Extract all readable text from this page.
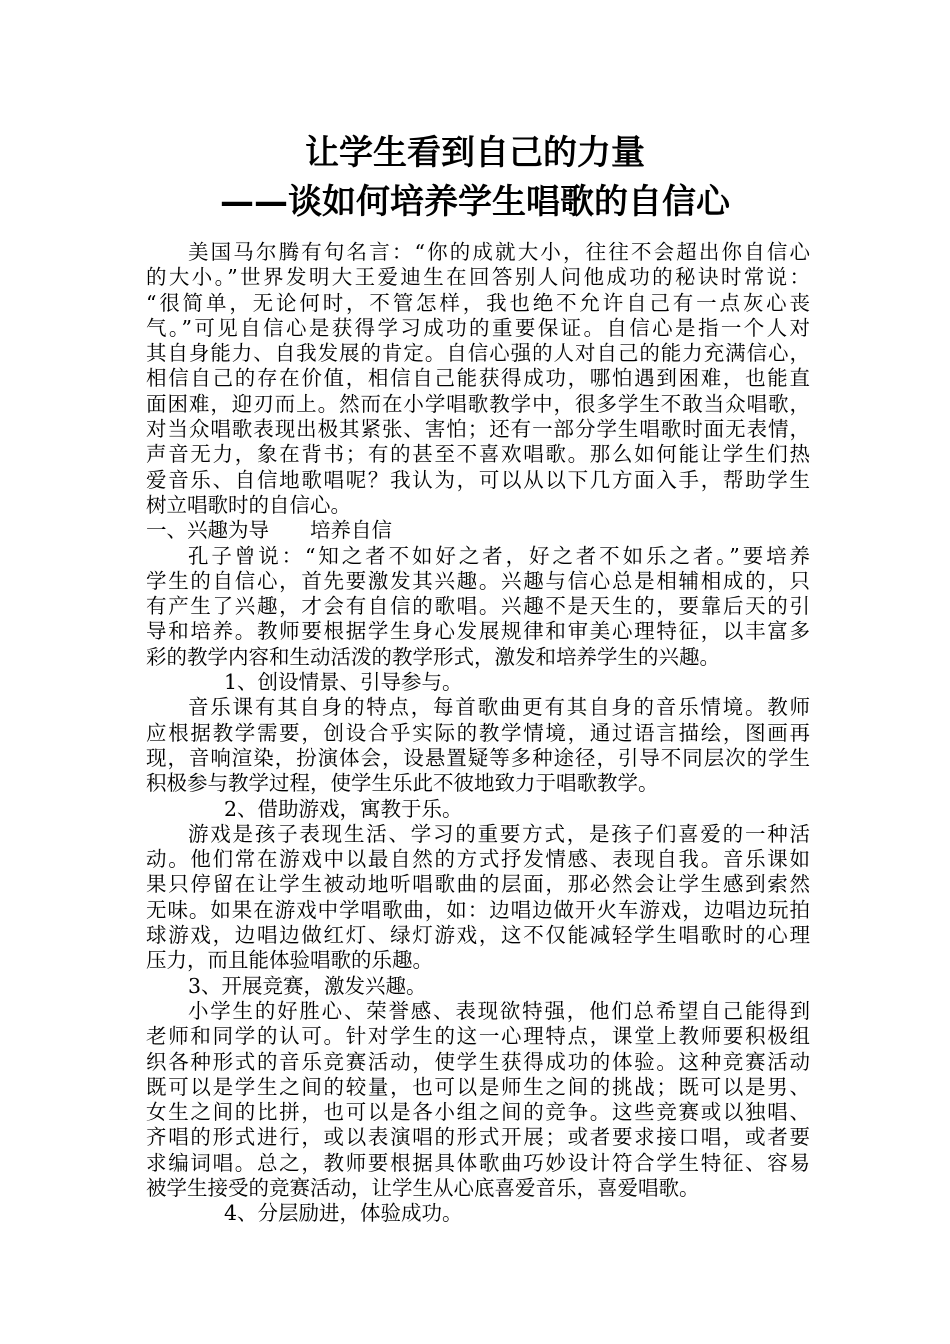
让学生看到自己的力量
——谈如何培养学生唱歌的自信心
美国马尔腾有句名言：“你的成就大小，往往不会超出你自信心
的大小。”世界发明大王爱迪生在回答别人问他成功的秘诀时常说：
“很简单，无论何时，不管怎样，我也绝不允许自己有一点灰心丧
气。”可见自信心是获得学习成功的重要保证。自信心是指一个人对
其自身能力、自我发展的肯定。自信心强的人对自己的能力充满信心，
相信自己的存在价值，相信自己能获得成功，哪怕遇到困难，也能直
面困难，迎刃而上。然而在小学唱歌教学中，很多学生不敢当众唱歌，
对当众唱歌表现出极其紧张、害怕；还有一部分学生唱歌时面无表情，
声音无力，象在背书；有的甚至不喜欢唱歌。那么如何能让学生们热
爱音乐、自信地歌唱呢？我认为，可以从以下几方面入手，帮助学生
树立唱歌时的自信心。
一、兴趣为导　　培养自信
孔子曾说：“知之者不如好之者，好之者不如乐之者。”要培养
学生的自信心，首先要激发其兴趣。兴趣与信心总是相辅相成的，只
有产生了兴趣，才会有自信的歌唱。兴趣不是天生的，要靠后天的引
导和培养。教师要根据学生身心发展规律和审美心理特征，以丰富多
彩的教学内容和生动活泼的教学形式，激发和培养学生的兴趣。
1、创设情景、引导参与。
音乐课有其自身的特点，每首歌曲更有其自身的音乐情境。教师
应根据教学需要，创设合乎实际的教学情境，通过语言描绘，图画再
现，音响渲染，扮演体会，设悬置疑等多种途径，引导不同层次的学生
积极参与教学过程，使学生乐此不彼地致力于唱歌教学。
2、借助游戏，寓教于乐。
游戏是孩子表现生活、学习的重要方式，是孩子们喜爱的一种活
动。他们常在游戏中以最自然的方式抒发情感、表现自我。音乐课如
果只停留在让学生被动地听唱歌曲的层面，那必然会让学生感到索然
无味。如果在游戏中学唱歌曲，如：边唱边做开火车游戏，边唱边玩拍
球游戏，边唱边做红灯、绿灯游戏，这不仅能减轻学生唱歌时的心理
压力，而且能体验唱歌的乐趣。
3、开展竞赛，激发兴趣。
小学生的好胜心、荣誉感、表现欲特强，他们总希望自己能得到
老师和同学的认可。针对学生的这一心理特点，课堂上教师要积极组
织各种形式的音乐竞赛活动，使学生获得成功的体验。这种竞赛活动
既可以是学生之间的较量，也可以是师生之间的挑战；既可以是男、
女生之间的比拼，也可以是各小组之间的竞争。这些竞赛或以独唱、
齐唱的形式进行，或以表演唱的形式开展；或者要求接口唱，或者要
求编词唱。总之，教师要根据具体歌曲巧妙设计符合学生特征、容易
被学生接受的竞赛活动，让学生从心底喜爱音乐，喜爱唱歌。
4、分层励进，体验成功。
